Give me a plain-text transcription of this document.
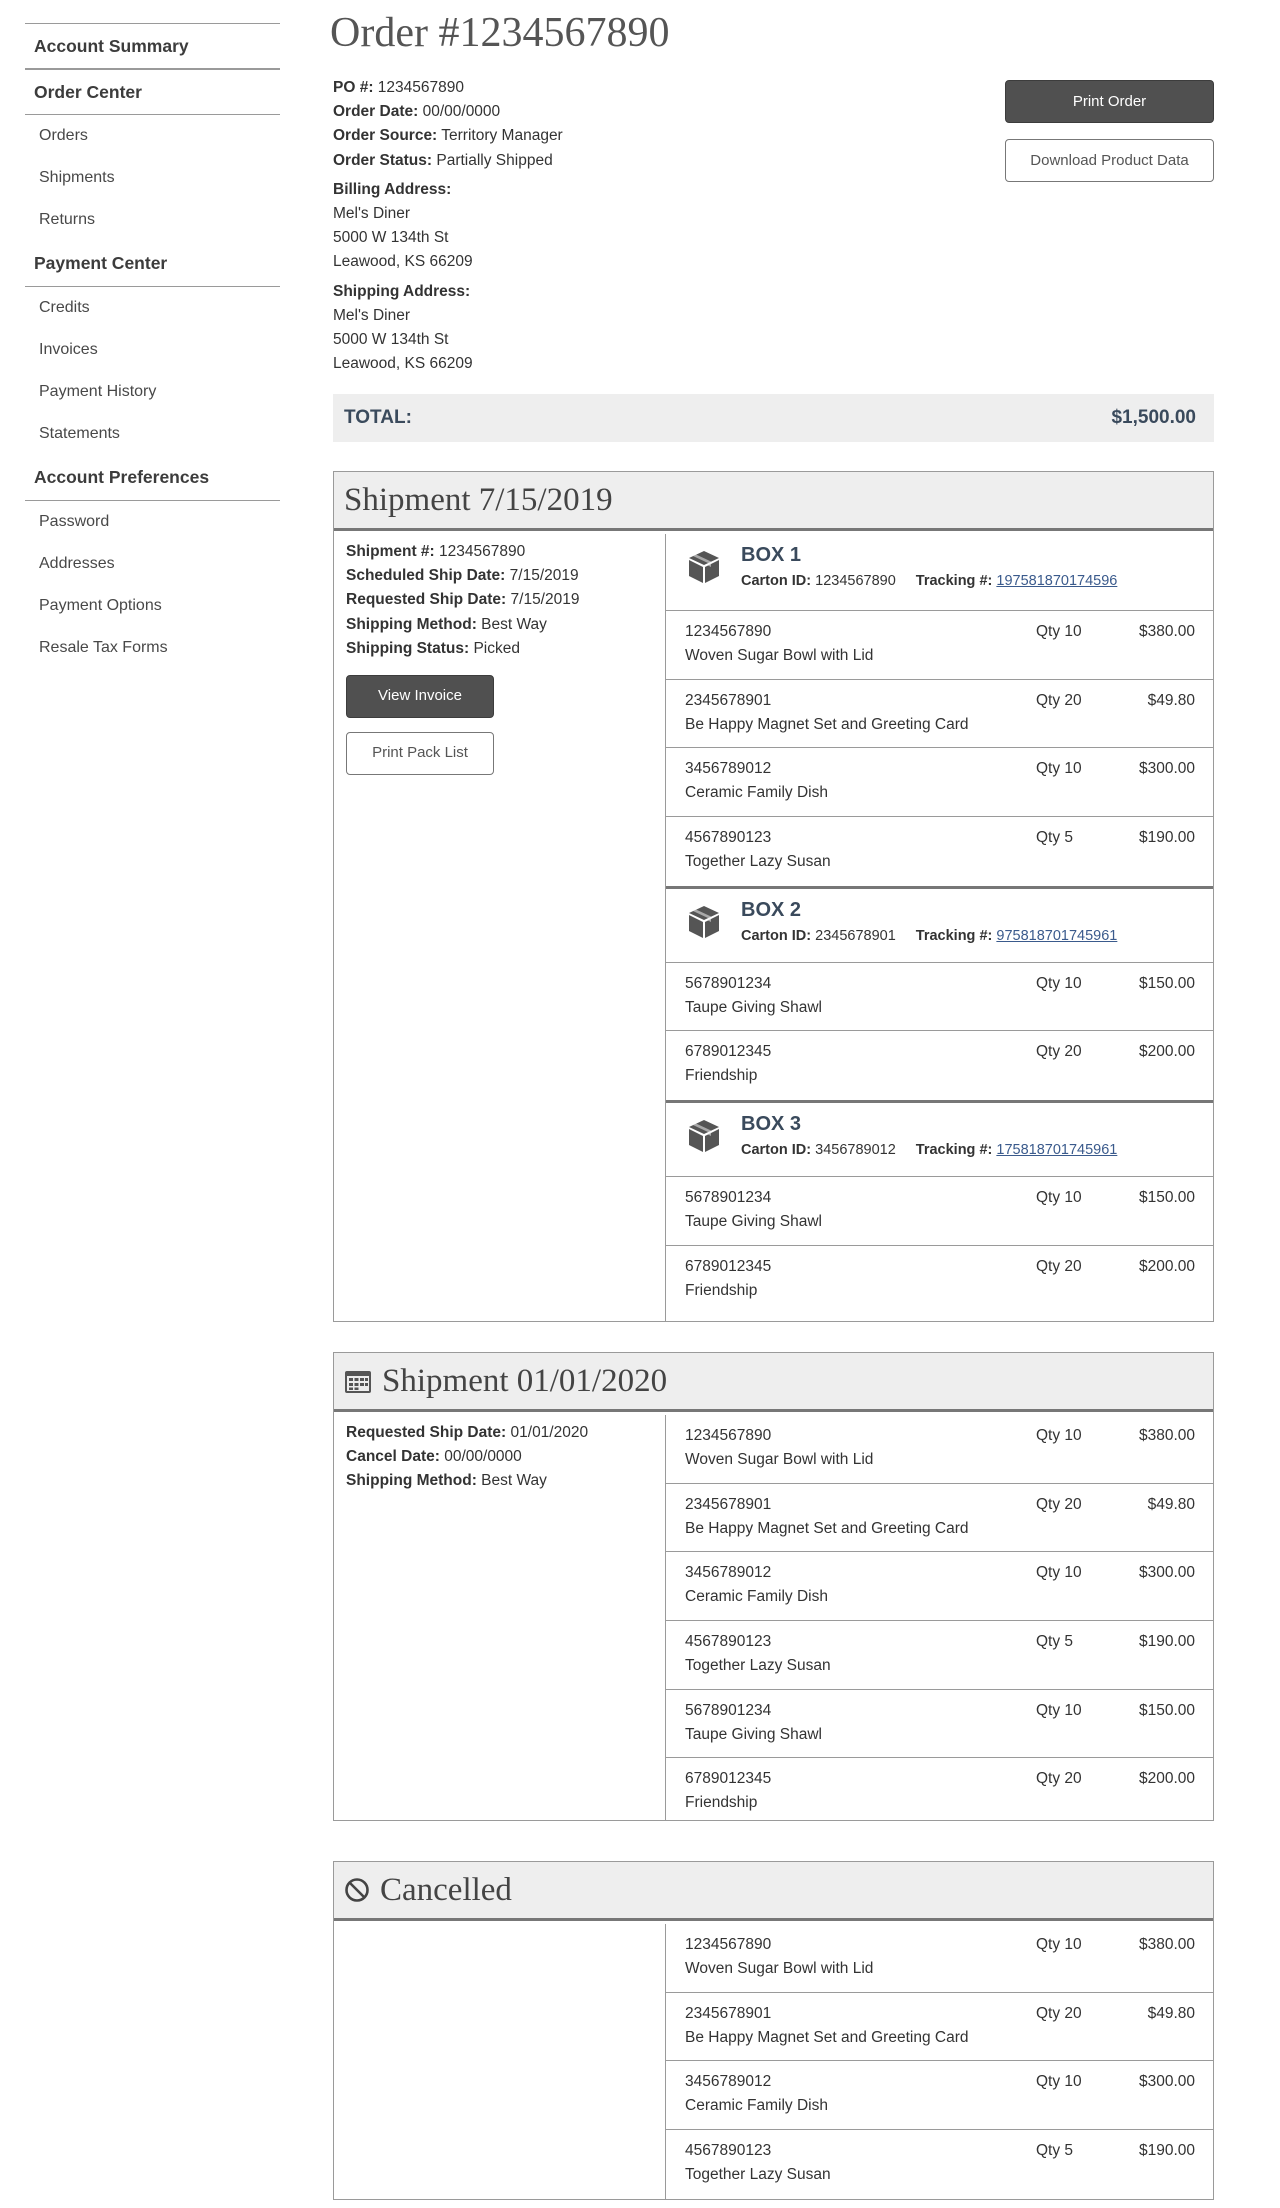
Account Summary
Order Center
Orders
Shipments
Returns
Payment Center
Credits
Invoices
Payment History
Statements
Account Preferences
Password
Addresses
Payment Options
Resale Tax Forms
Order #1234567890
PO #: 1234567890
Order Date: 00/00/0000
Order Source: Territory Manager
Order Status: Partially Shipped
Billing Address:
Mel's Diner
5000 W 134th St
Leawood, KS 66209
Shipping Address:
Mel's Diner
5000 W 134th St
Leawood, KS 66209
Print Order
Download Product Data
TOTAL:	$1,500.00
Shipment 7/15/2019
Shipment #: 1234567890
Scheduled Ship Date: 7/15/2019
Requested Ship Date: 7/15/2019
Shipping Method: Best Way
Shipping Status: Picked
View Invoice
Print Pack List
BOX 1
Carton ID: 1234567890 Tracking #: 197581870174596
1234567890
Woven Sugar Bowl with Lid
Qty 10	$380.00
2345678901
Be Happy Magnet Set and Greeting Card
Qty 20	$49.80
3456789012
Ceramic Family Dish
Qty 10	$300.00
4567890123
Together Lazy Susan
Qty 5	$190.00
BOX 2
Carton ID: 2345678901 Tracking #: 975818701745961
5678901234
Taupe Giving Shawl
Qty 10	$150.00
6789012345
Friendship
Qty 20	$200.00
BOX 3
Carton ID: 3456789012 Tracking #: 175818701745961
5678901234
Taupe Giving Shawl
Qty 10	$150.00
6789012345
Friendship
Qty 20	$200.00
Shipment 01/01/2020
Requested Ship Date: 01/01/2020
Cancel Date: 00/00/0000
Shipping Method: Best Way
1234567890
Woven Sugar Bowl with Lid
Qty 10	$380.00
2345678901
Be Happy Magnet Set and Greeting Card
Qty 20	$49.80
3456789012
Ceramic Family Dish
Qty 10	$300.00
4567890123
Together Lazy Susan
Qty 5	$190.00
5678901234
Taupe Giving Shawl
Qty 10	$150.00
6789012345
Friendship
Qty 20	$200.00
Cancelled
1234567890
Woven Sugar Bowl with Lid
Qty 10	$380.00
2345678901
Be Happy Magnet Set and Greeting Card
Qty 20	$49.80
3456789012
Ceramic Family Dish
Qty 10	$300.00
4567890123
Together Lazy Susan
Qty 5	$190.00
